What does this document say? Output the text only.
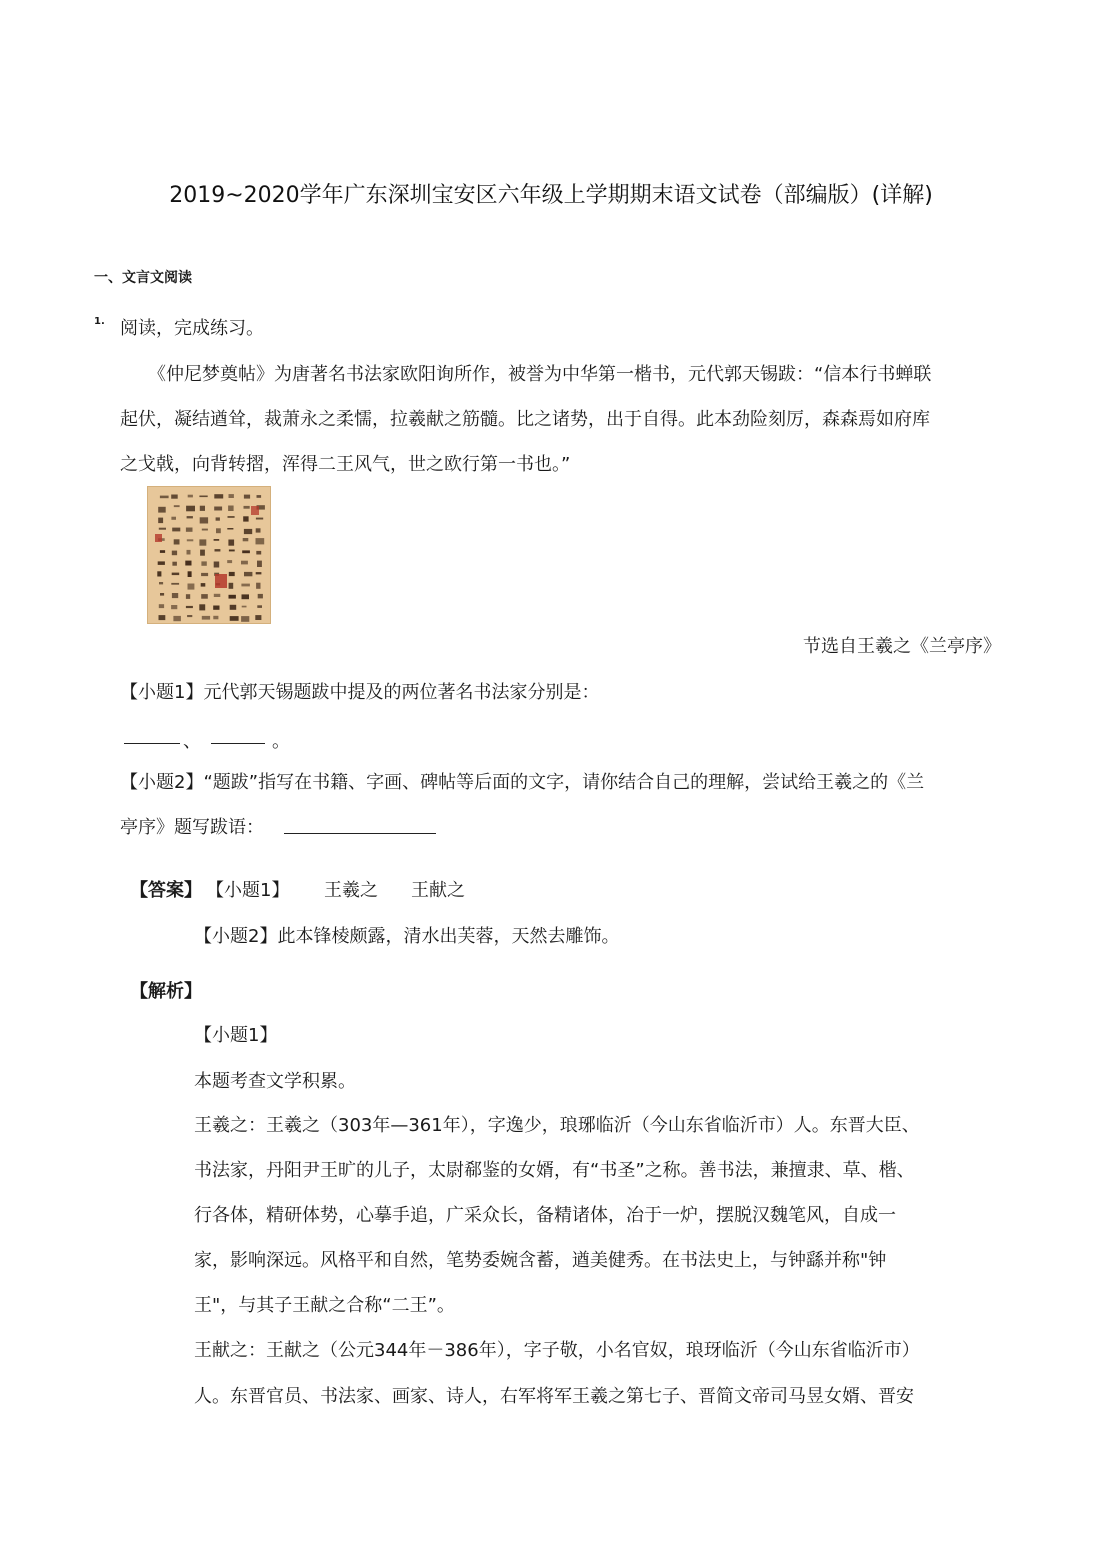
2019~2020学年广东深圳宝安区六年级上学期期末语文试卷（部编版）(详解)
一、文言文阅读
1. 阅读，完成练习。
《仲尼梦奠帖》为唐著名书法家欧阳询所作，被誉为中华第一楷书，元代郭天锡跋：“信本行书蝉联
起伏，凝结遒耸，裁萧永之柔懦，拉羲献之筋髓。比之诸势，出于自得。此本劲险刻厉，森森焉如府库
之戈戟，向背转摺，浑得二王风气，世之欧行第一书也。”
节选自王羲之《兰亭序》
【小题1】元代郭天锡题跋中提及的两位著名书法家分别是：
、	。
【小题2】“题跋”指写在书籍、字画、碑帖等后面的文字，请你结合自己的理解，尝试给王羲之的《兰
亭序》题写跋语：
【答案】 【小题1】 王羲之 王献之
【小题2】此本锋棱颇露，清水出芙蓉，天然去雕饰。
【解析】
【小题1】
本题考查文学积累。
王羲之：王羲之（303年—361年），字逸少，琅琊临沂（今山东省临沂市）人。东晋大臣、
书法家，丹阳尹王旷的儿子，太尉郗鉴的女婿，有“书圣”之称。善书法，兼擅隶、草、楷、
行各体，精研体势，心摹手追，广采众长，备精诸体，冶于一炉，摆脱汉魏笔风，自成一
家，影响深远。风格平和自然，笔势委婉含蓄，遒美健秀。在书法史上，与钟繇并称"钟
王"，与其子王献之合称“二王”。
王献之：王献之（公元344年－386年），字子敬，小名官奴，琅玡临沂（今山东省临沂市）
人。东晋官员、书法家、画家、诗人，右军将军王羲之第七子、晋简文帝司马昱女婿、晋安
